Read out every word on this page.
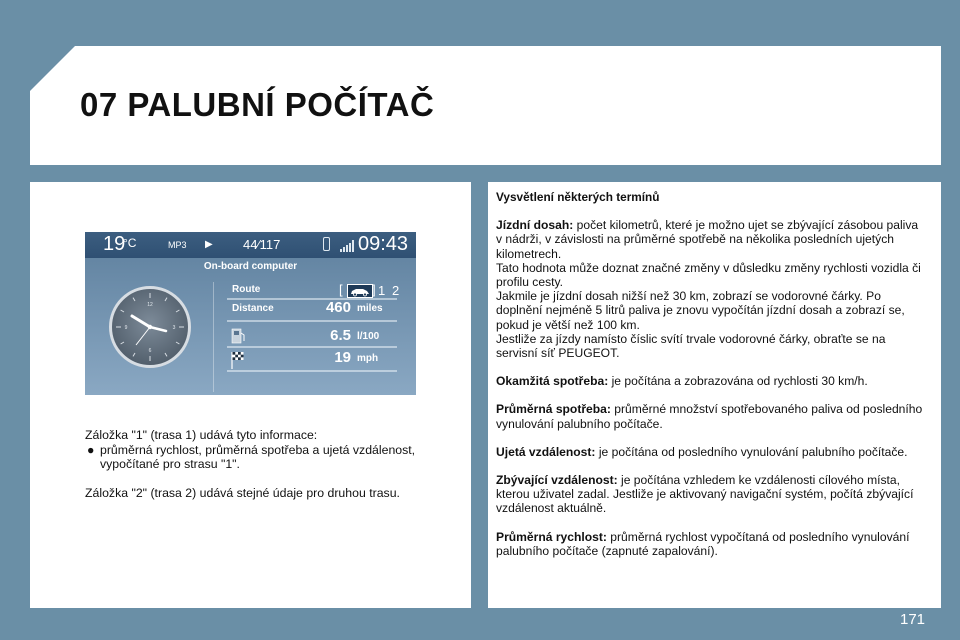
07 PALUBNÍ POČÍTAČ
19
°C	MP3 ▶ 44⁄117	09:43
On-board computer
12
3
6
9
Route	[ ] 1 2
Distance	460 miles
6.5 l/100
19 mph

Záložka "1" (trasa 1) udává tyto informace:

● průměrná rychlost, průměrná spotřeba a ujetá vzdálenost, vypočítané pro strasu "1".

Záložka "2" (trasa 2) udává stejné údaje pro druhou trasu.

Vysvětlení některých termínů

Jízdní dosah: počet kilometrů, které je možno ujet se zbývající zásobou paliva v nádrži, v závislosti na průměrné spotřebě na několika posledních ujetých kilometrech.
Tato hodnota může doznat značné změny v důsledku změny rychlosti vozidla či profilu cesty.
Jakmile je jízdní dosah nižší než 30 km, zobrazí se vodorovné čárky. Po doplnění nejméně 5 litrů paliva je znovu vypočítán jízdní dosah a zobrazí se, pokud je větší než 100 km.
Jestliže za jízdy namísto číslic svítí trvale vodorovné čárky, obraťte se na servisní síť PEUGEOT.

Okamžitá spotřeba: je počítána a zobrazována od rychlosti 30 km/h.

Průměrná spotřeba: průměrné množství spotřebovaného paliva od posledního vynulování palubního počítače.

Ujetá vzdálenost: je počítána od posledního vynulování palubního počítače.

Zbývající vzdálenost: je počítána vzhledem ke vzdálenosti cílového místa, kterou uživatel zadal. Jestliže je aktivovaný navigační systém, počítá zbývající vzdálenost aktuálně.

Průměrná rychlost: průměrná rychlost vypočítaná od posledního vynulování palubního počítače (zapnuté zapalování).

171
